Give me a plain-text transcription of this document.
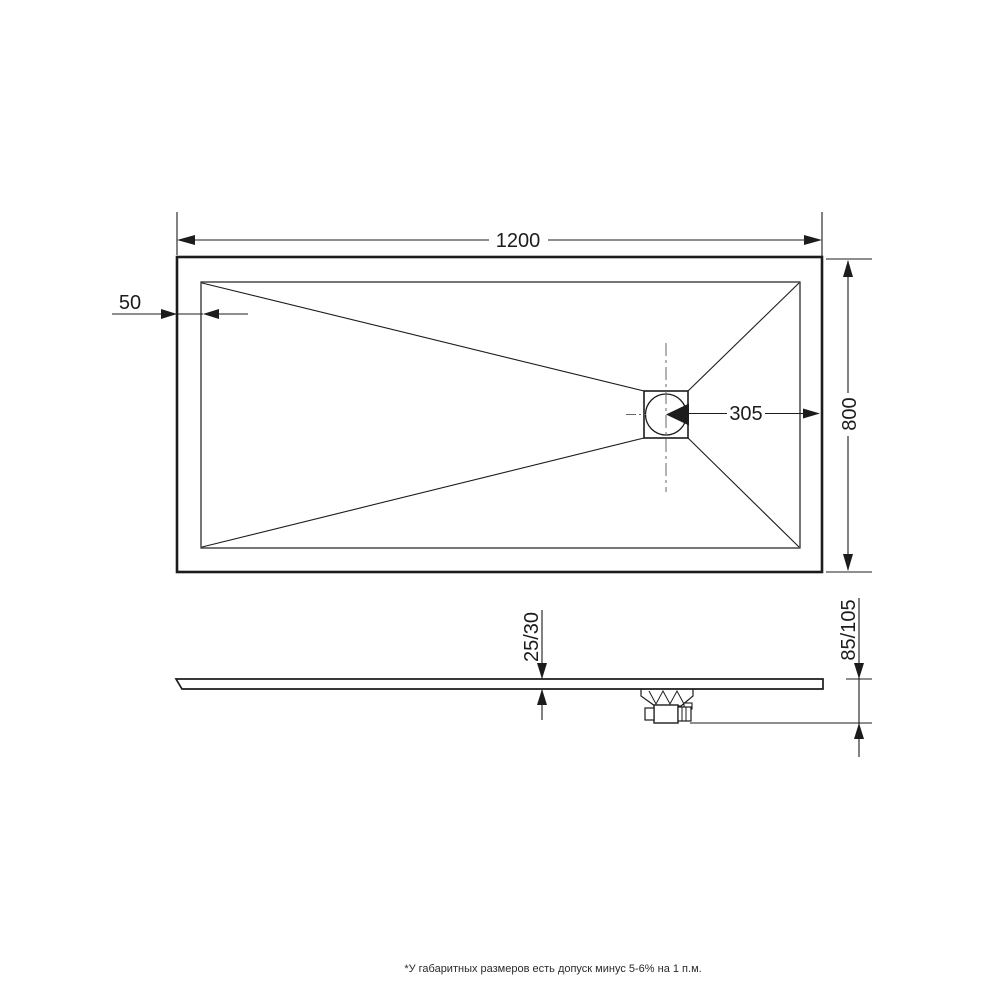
1200
50
800
305
25/30	85/105
*У габаритных размеров есть допуск минус 5-6% на 1 п.м.
